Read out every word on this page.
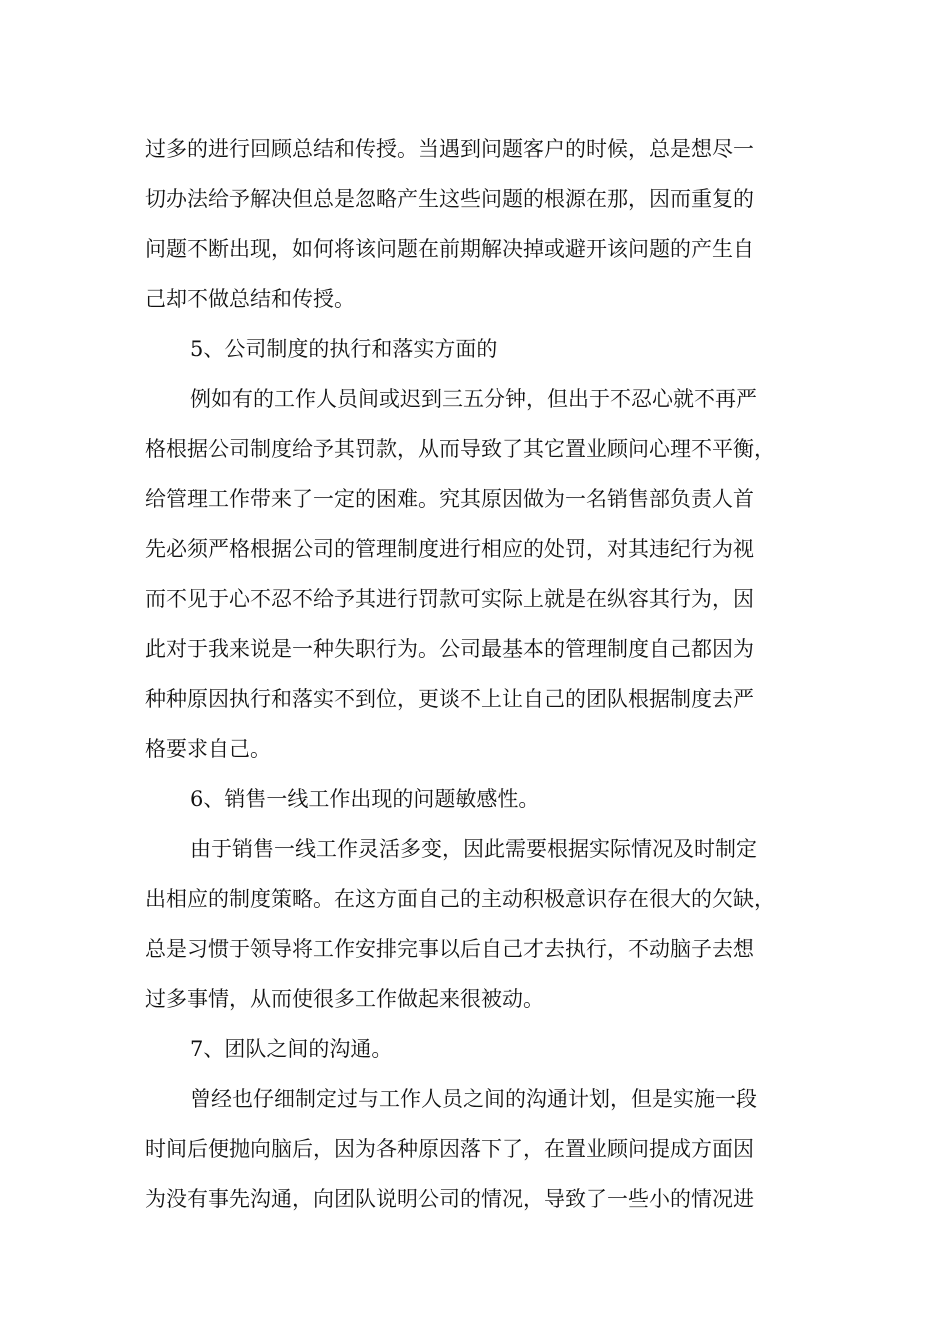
过多的进行回顾总结和传授。当遇到问题客户的时候，总是想尽一
切办法给予解决但总是忽略产生这些问题的根源在那，因而重复的
问题不断出现，如何将该问题在前期解决掉或避开该问题的产生自
己却不做总结和传授。
5、公司制度的执行和落实方面的
例如有的工作人员间或迟到三五分钟，但出于不忍心就不再严
格根据公司制度给予其罚款，从而导致了其它置业顾问心理不平衡，
给管理工作带来了一定的困难。究其原因做为一名销售部负责人首
先必须严格根据公司的管理制度进行相应的处罚，对其违纪行为视
而不见于心不忍不给予其进行罚款可实际上就是在纵容其行为，因
此对于我来说是一种失职行为。公司最基本的管理制度自己都因为
种种原因执行和落实不到位，更谈不上让自己的团队根据制度去严
格要求自己。
6、销售一线工作出现的问题敏感性。
由于销售一线工作灵活多变，因此需要根据实际情况及时制定
出相应的制度策略。在这方面自己的主动积极意识存在很大的欠缺，
总是习惯于领导将工作安排完事以后自己才去执行，不动脑子去想
过多事情，从而使很多工作做起来很被动。
7、团队之间的沟通。
曾经也仔细制定过与工作人员之间的沟通计划，但是实施一段
时间后便抛向脑后，因为各种原因落下了，在置业顾问提成方面因
为没有事先沟通，向团队说明公司的情况，导致了一些小的情况进
